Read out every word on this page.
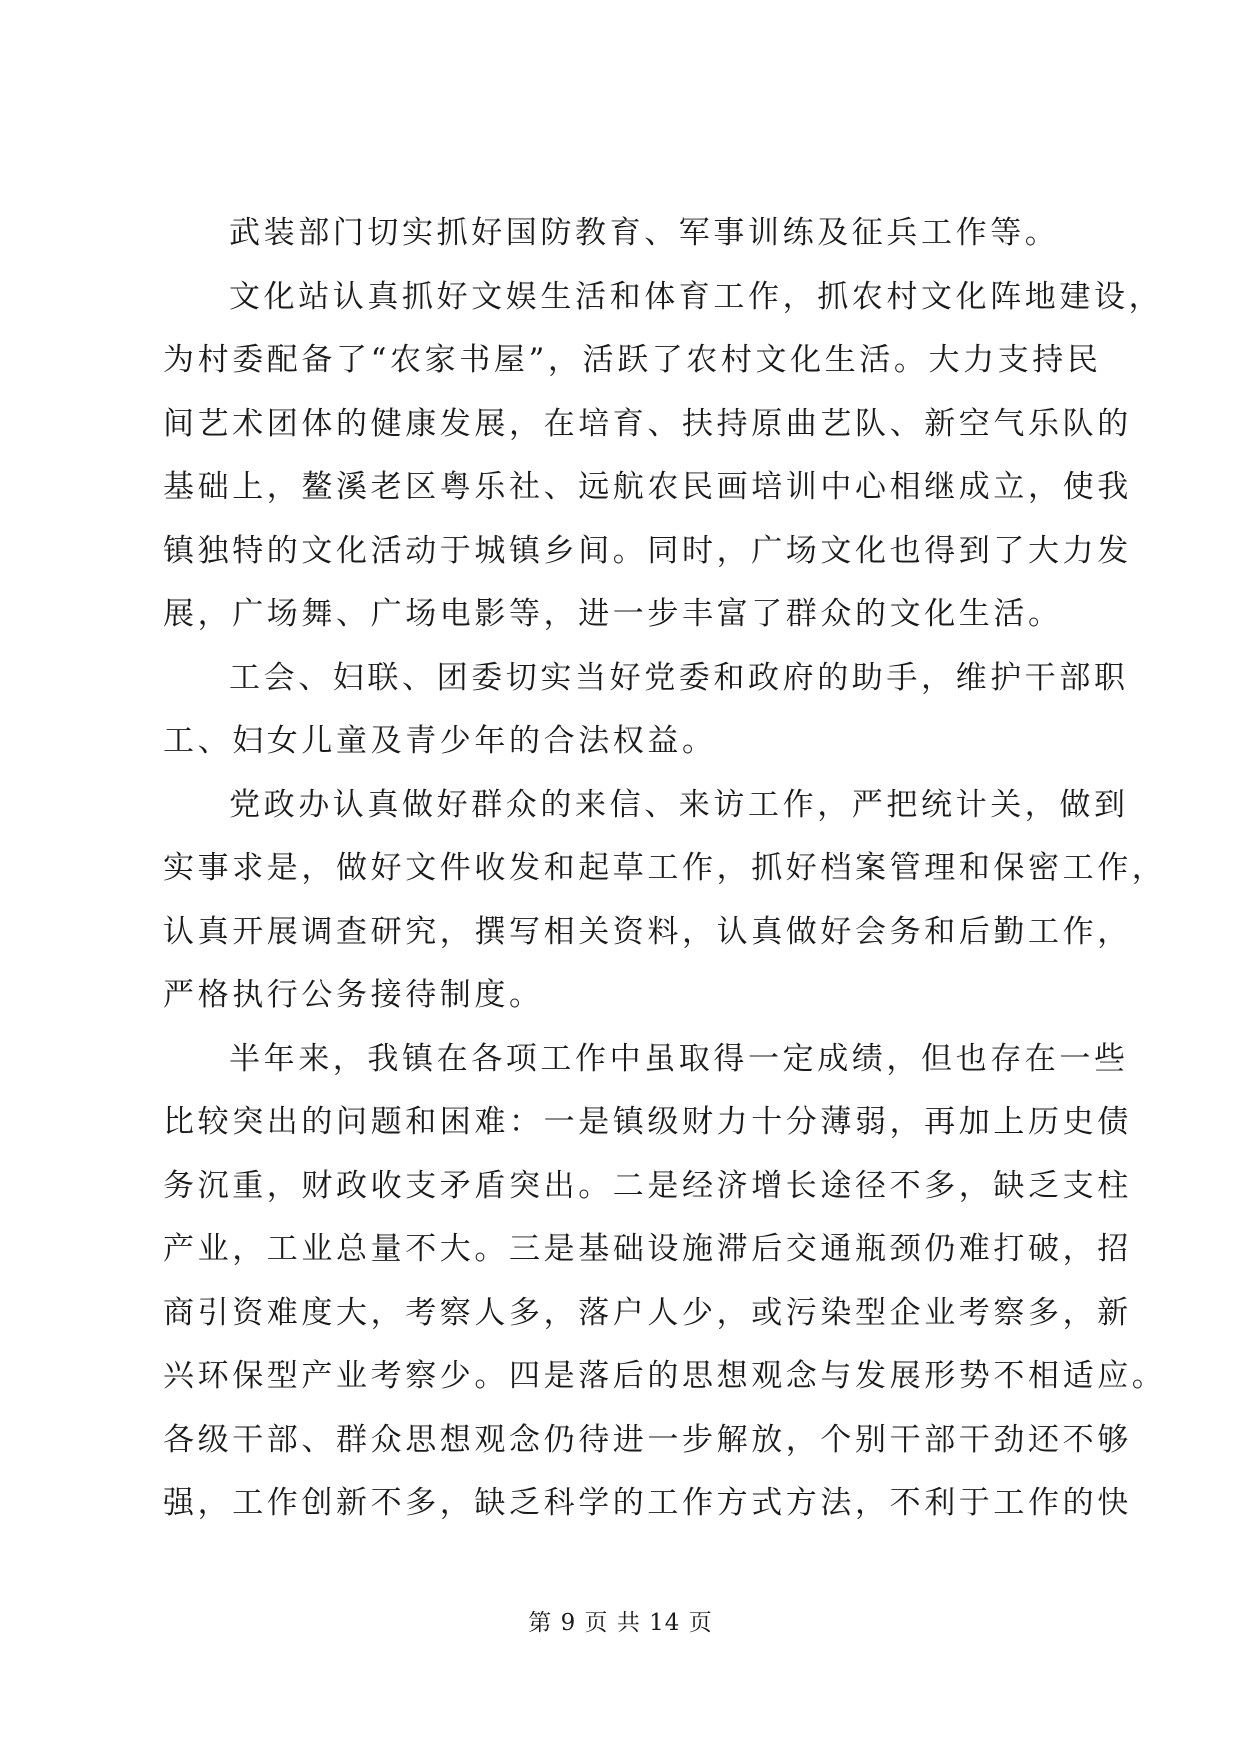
武装部门切实抓好国防教育、军事训练及征兵工作等。
文化站认真抓好文娱生活和体育工作，抓农村文化阵地建设，
为村委配备了“农家书屋”，活跃了农村文化生活。大力支持民
间艺术团体的健康发展，在培育、扶持原曲艺队、新空气乐队的
基础上，鳌溪老区粤乐社、远航农民画培训中心相继成立，使我
镇独特的文化活动于城镇乡间。同时，广场文化也得到了大力发
展，广场舞、广场电影等，进一步丰富了群众的文化生活。
工会、妇联、团委切实当好党委和政府的助手，维护干部职
工、妇女儿童及青少年的合法权益。
党政办认真做好群众的来信、来访工作，严把统计关，做到
实事求是，做好文件收发和起草工作，抓好档案管理和保密工作，
认真开展调查研究，撰写相关资料，认真做好会务和后勤工作，
严格执行公务接待制度。
半年来，我镇在各项工作中虽取得一定成绩，但也存在一些
比较突出的问题和困难：一是镇级财力十分薄弱，再加上历史债
务沉重，财政收支矛盾突出。二是经济增长途径不多，缺乏支柱
产业，工业总量不大。三是基础设施滞后交通瓶颈仍难打破，招
商引资难度大，考察人多，落户人少，或污染型企业考察多，新
兴环保型产业考察少。四是落后的思想观念与发展形势不相适应。
各级干部、群众思想观念仍待进一步解放，个别干部干劲还不够
强，工作创新不多，缺乏科学的工作方式方法，不利于工作的快
第 9 页 共 14 页
